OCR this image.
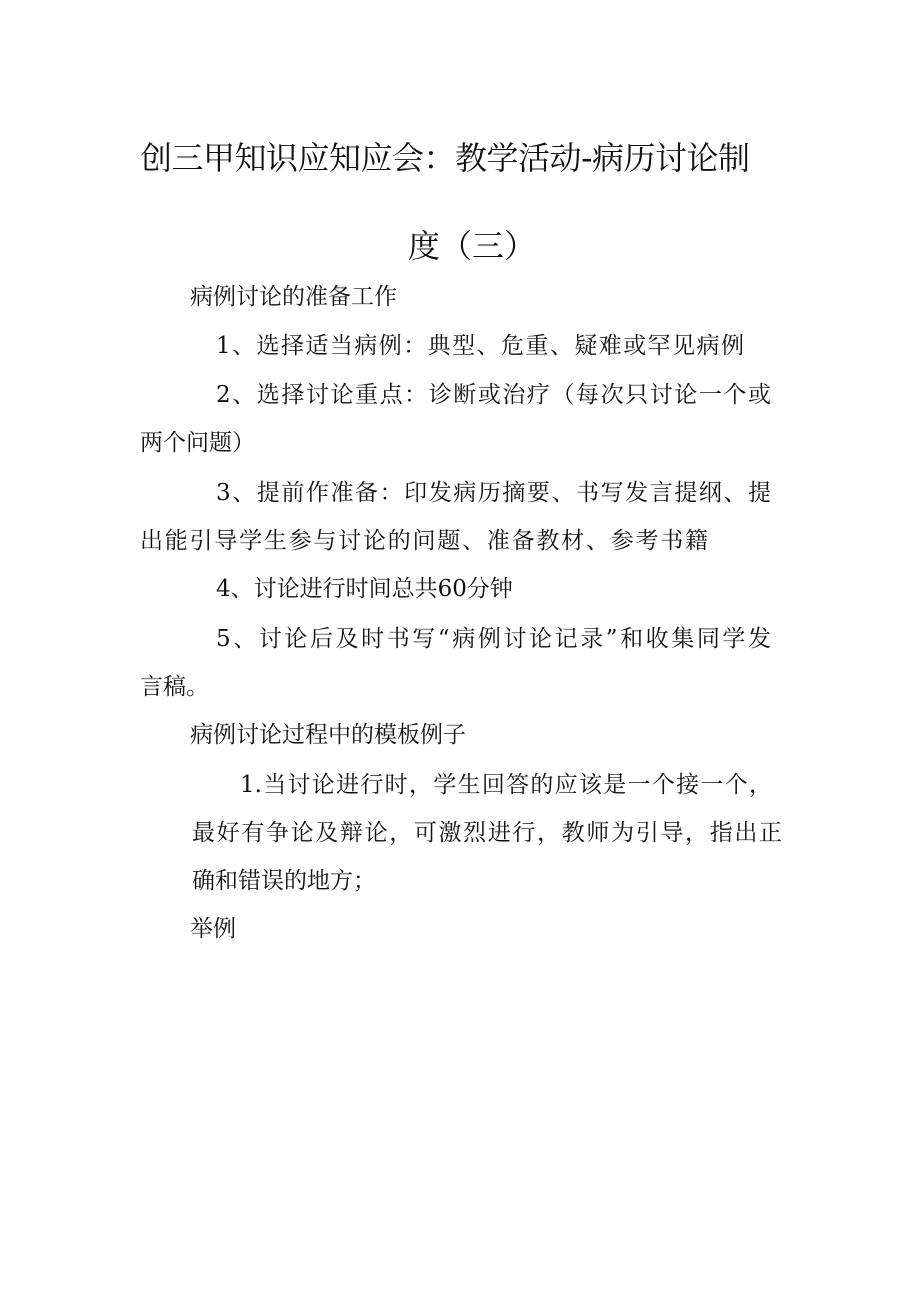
创三甲知识应知应会：教学活动-病历讨论制
度（三）
病例讨论的准备工作
1、选择适当病例：典型、危重、疑难或罕见病例
2、选择讨论重点：诊断或治疗（每次只讨论一个或
两个问题）
3、提前作准备：印发病历摘要、书写发言提纲、提
出能引导学生参与讨论的问题、准备教材、参考书籍
4、讨论进行时间总共60分钟
5、讨论后及时书写“病例讨论记录”和收集同学发
言稿。
病例讨论过程中的模板例子
1.当讨论进行时，学生回答的应该是一个接一个，
最好有争论及辩论，可激烈进行，教师为引导，指出正
确和错误的地方；
举例
